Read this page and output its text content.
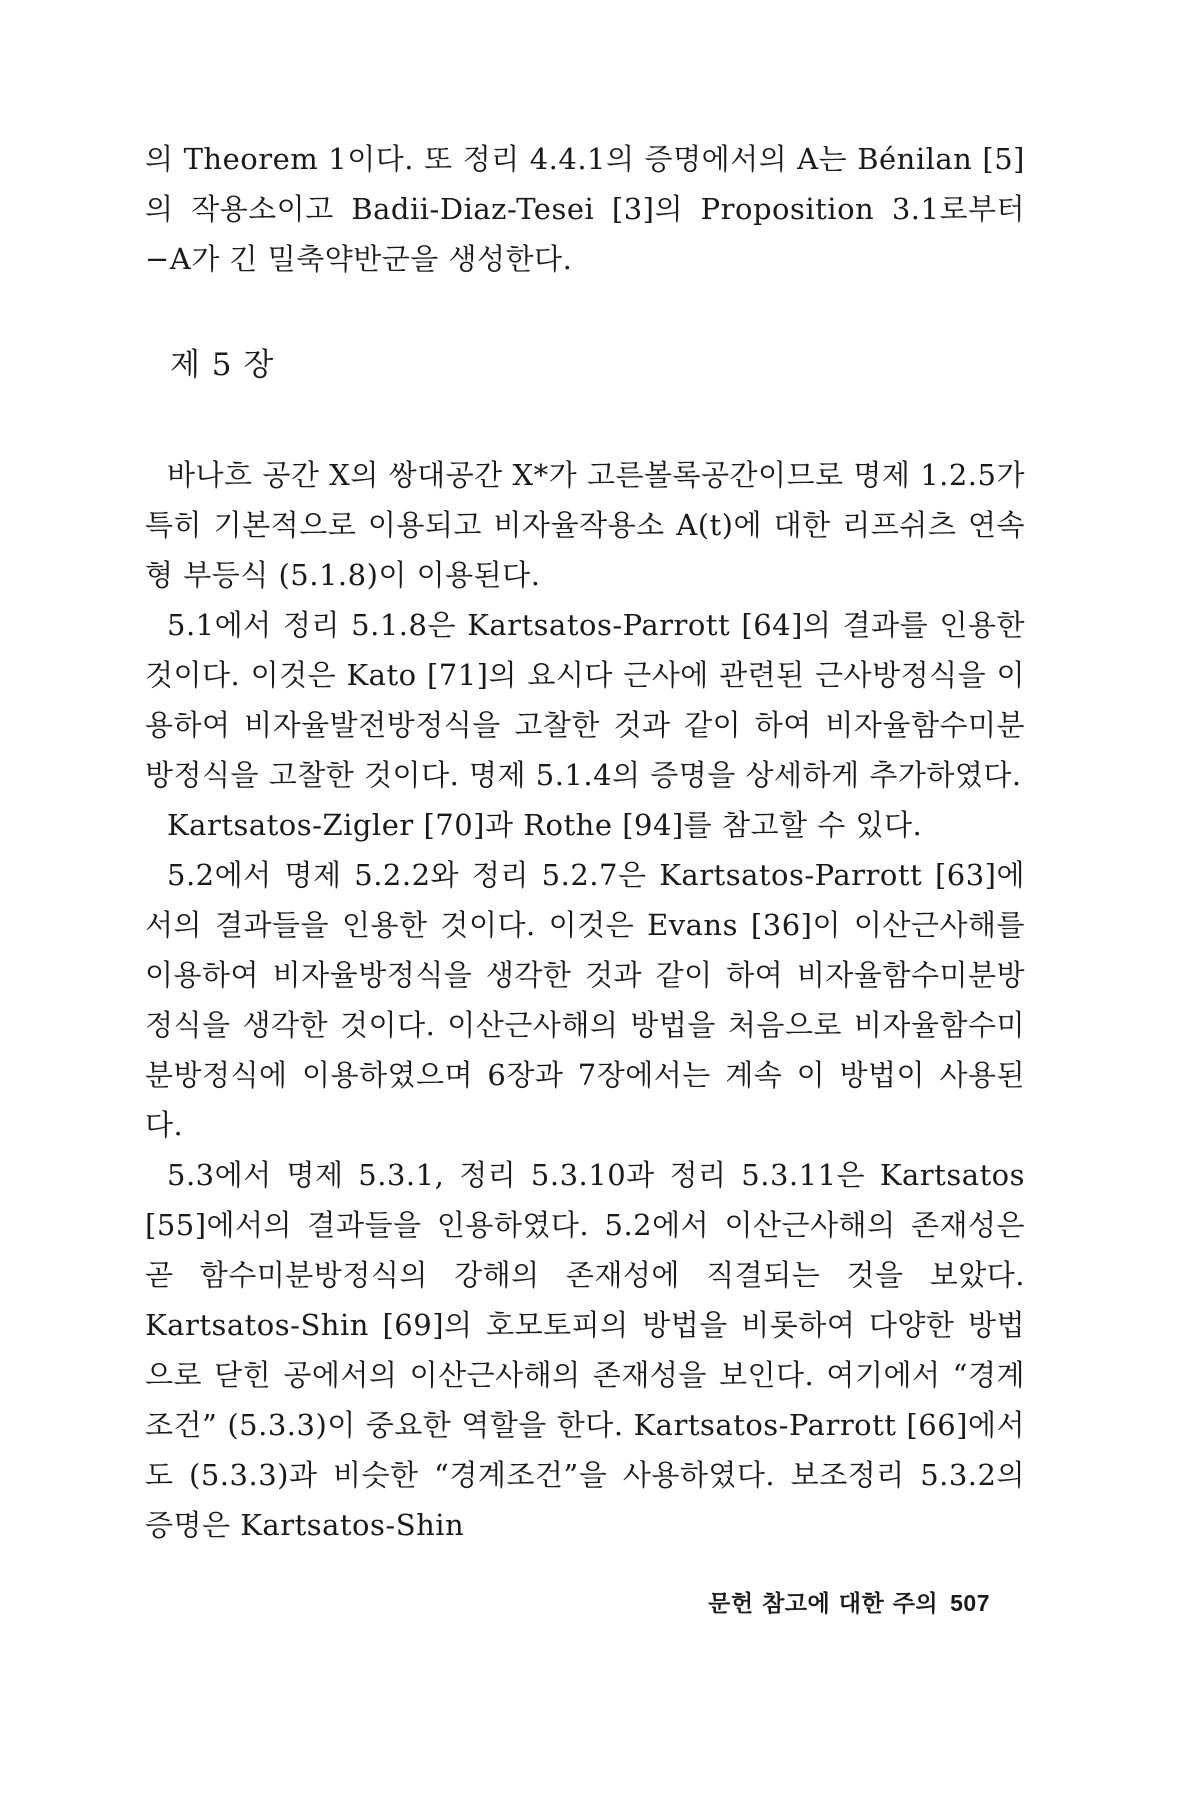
의 Theorem 1이다. 또 정리 4.4.1의 증명에서의 A는 Bénilan [5]의 작용소이고 Badii-Diaz-Tesei [3]의 Proposition 3.1로부터 −A가 긴 밀축약반군을 생성한다.

제 5 장

바나흐 공간 X의 쌍대공간 X*가 고른볼록공간이므로 명제 1.2.5가 특히 기본적으로 이용되고 비자율작용소 A(t)에 대한 리프쉬츠 연속형 부등식 (5.1.8)이 이용된다.

5.1에서 정리 5.1.8은 Kartsatos-Parrott [64]의 결과를 인용한 것이다. 이것은 Kato [71]의 요시다 근사에 관련된 근사방정식을 이용하여 비자율발전방정식을 고찰한 것과 같이 하여 비자율함수미분방정식을 고찰한 것이다. 명제 5.1.4의 증명을 상세하게 추가하였다.

Kartsatos-Zigler [70]과 Rothe [94]를 참고할 수 있다.

5.2에서 명제 5.2.2와 정리 5.2.7은 Kartsatos-Parrott [63]에서의 결과들을 인용한 것이다. 이것은 Evans [36]이 이산근사해를 이용하여 비자율방정식을 생각한 것과 같이 하여 비자율함수미분방정식을 생각한 것이다. 이산근사해의 방법을 처음으로 비자율함수미분방정식에 이용하였으며 6장과 7장에서는 계속 이 방법이 사용된다.

5.3에서 명제 5.3.1, 정리 5.3.10과 정리 5.3.11은 Kartsatos [55]에서의 결과들을 인용하였다. 5.2에서 이산근사해의 존재성은 곧 함수미분방정식의 강해의 존재성에 직결되는 것을 보았다. Kartsatos-Shin [69]의 호모토피의 방법을 비롯하여 다양한 방법으로 닫힌 공에서의 이산근사해의 존재성을 보인다. 여기에서 “경계조건” (5.3.3)이 중요한 역할을 한다. Kartsatos-Parrott [66]에서도 (5.3.3)과 비슷한 “경계조건”을 사용하였다. 보조정리 5.3.2의 증명은 Kartsatos-Shin

문헌 참고에 대한 주의 507
